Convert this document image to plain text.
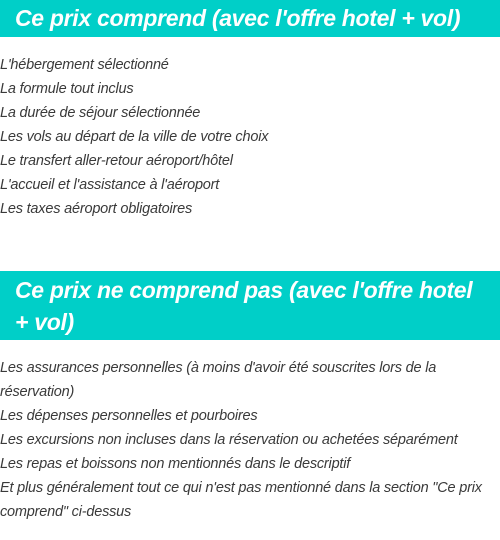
Ce prix comprend (avec l'offre hotel + vol)
L'hébergement sélectionné
La formule tout inclus
La durée de séjour sélectionnée
Les vols au départ de la ville de votre choix
Le transfert aller-retour aéroport/hôtel
L'accueil et l'assistance à l'aéroport
Les taxes aéroport obligatoires
Ce prix ne comprend pas (avec l'offre hotel + vol)
Les assurances personnelles (à moins d'avoir été souscrites lors de la réservation)
Les dépenses personnelles et pourboires
Les excursions non incluses dans la réservation ou achetées séparément
Les repas et boissons non mentionnés dans le descriptif
Et plus généralement tout ce qui n'est pas mentionné dans la section "Ce prix comprend" ci-dessus
